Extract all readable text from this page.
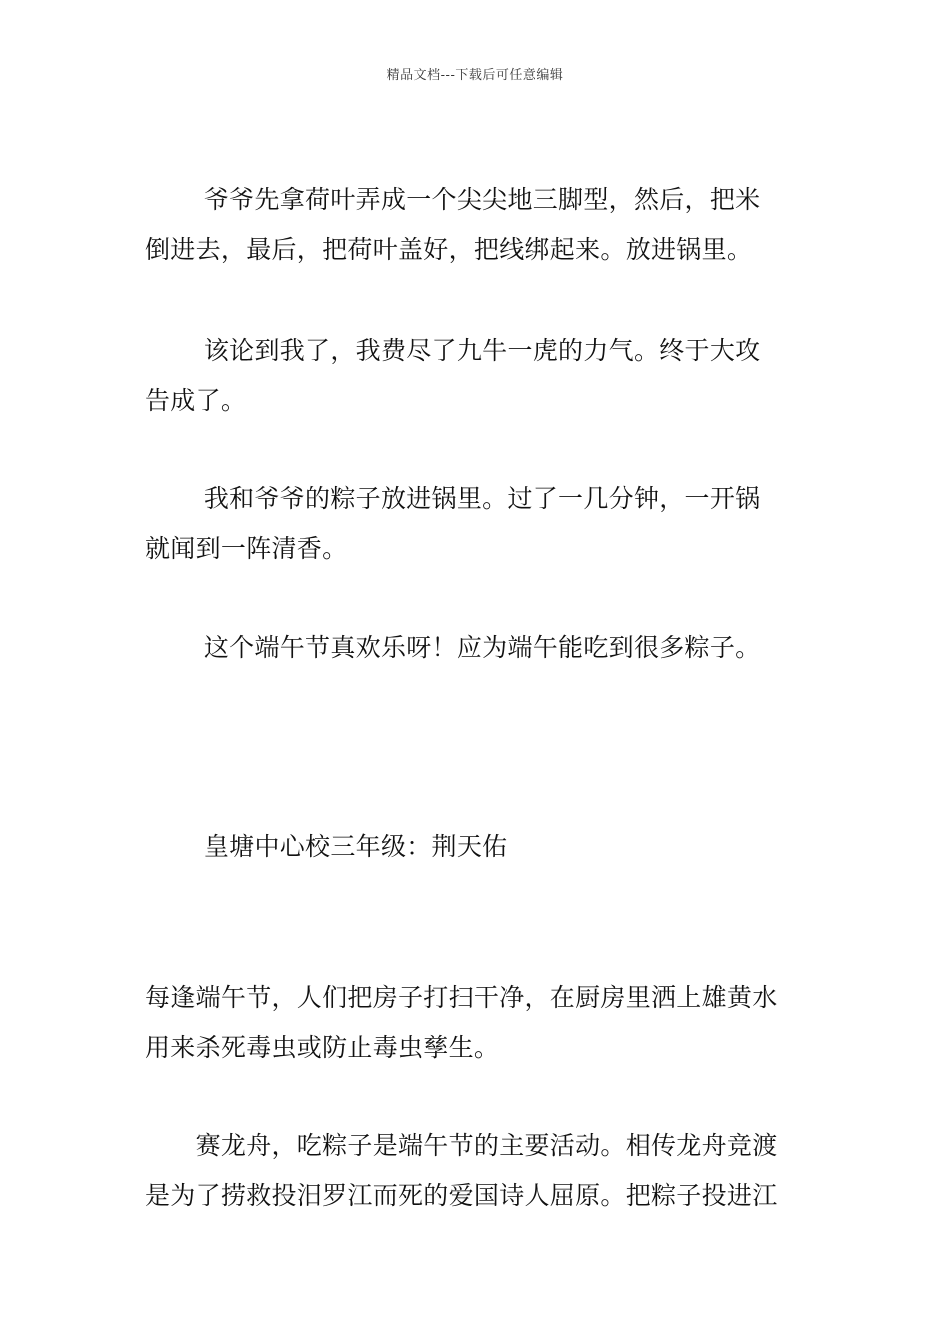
精品文档---下载后可任意编辑
　　 爷爷先拿荷叶弄成一个尖尖地三脚型，然后，把米
倒进去，最后，把荷叶盖好，把线绑起来。放进锅里。
　　 该论到我了，我费尽了九牛一虎的力气。终于大攻
告成了。
　　 我和爷爷的粽子放进锅里。过了一几分钟，一开锅
就闻到一阵清香。
　　 这个端午节真欢乐呀！应为端午能吃到很多粽子。
　　 皇塘中心校三年级：荆天佑
每逢端午节，人们把房子打扫干净，在厨房里洒上雄黄水
用来杀死毒虫或防止毒虫孳生。
　　赛龙舟，吃粽子是端午节的主要活动。相传龙舟竞渡
是为了捞救投汨罗江而死的爱国诗人屈原。把粽子投进江
